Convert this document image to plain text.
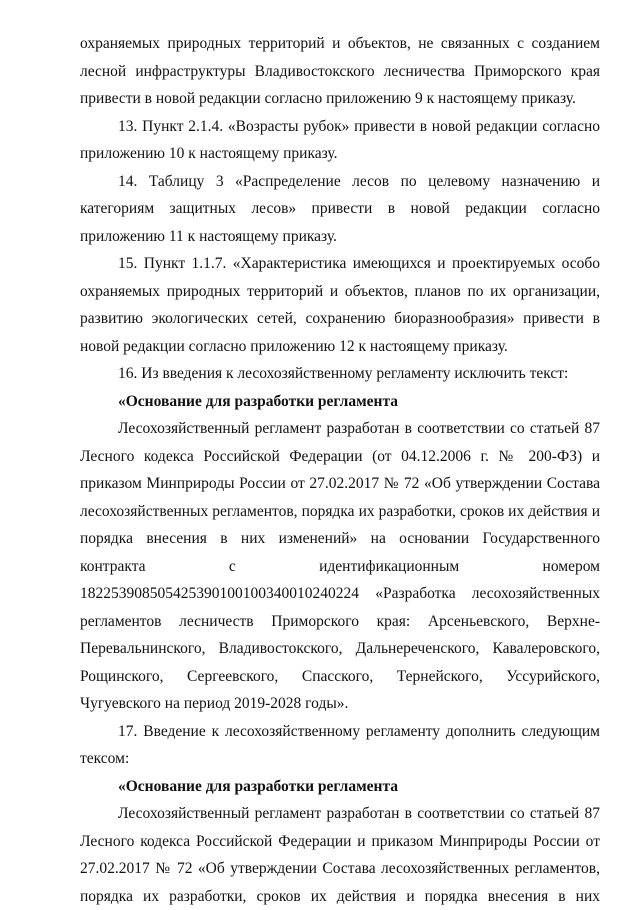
охраняемых природных территорий и объектов, не связанных с созданием лесной инфраструктуры Владивостокского лесничества Приморского края привести в новой редакции согласно приложению 9 к настоящему приказу.

13. Пункт 2.1.4. «Возрасты рубок» привести в новой редакции согласно приложению 10 к настоящему приказу.

14. Таблицу 3 «Распределение лесов по целевому назначению и категориям защитных лесов» привести в новой редакции согласно приложению 11 к настоящему приказу.

15. Пункт 1.1.7. «Характеристика имеющихся и проектируемых особо охраняемых природных территорий и объектов, планов по их организации, развитию экологических сетей, сохранению биоразнообразия» привести в новой редакции согласно приложению 12 к настоящему приказу.

16. Из введения к лесохозяйственному регламенту исключить текст:

«Основание для разработки регламента

Лесохозяйственный регламент разработан в соответствии со статьей 87 Лесного кодекса Российской Федерации (от 04.12.2006 г. № 200-ФЗ) и приказом Минприроды России от 27.02.2017 № 72 «Об утверждении Состава лесохозяйственных регламентов, порядка их разработки, сроков их действия и порядка внесения в них изменений» на основании Государственного контракта с идентификационным номером 182253908505425390100100340010240224 «Разработка лесохозяйственных регламентов лесничеств Приморского края: Арсеньевского, Верхне-Перевальнинского, Владивостокского, Дальнереченского, Кавалеровского, Рощинского, Сергеевского, Спасского, Тернейского, Уссурийского, Чугуевского на период 2019-2028 годы».

17. Введение к лесохозяйственному регламенту дополнить следующим тексом:

«Основание для разработки регламента

Лесохозяйственный регламент разработан в соответствии со статьей 87 Лесного кодекса Российской Федерации и приказом Минприроды России от 27.02.2017 № 72 «Об утверждении Состава лесохозяйственных регламентов, порядка их разработки, сроков их действия и порядка внесения в них
